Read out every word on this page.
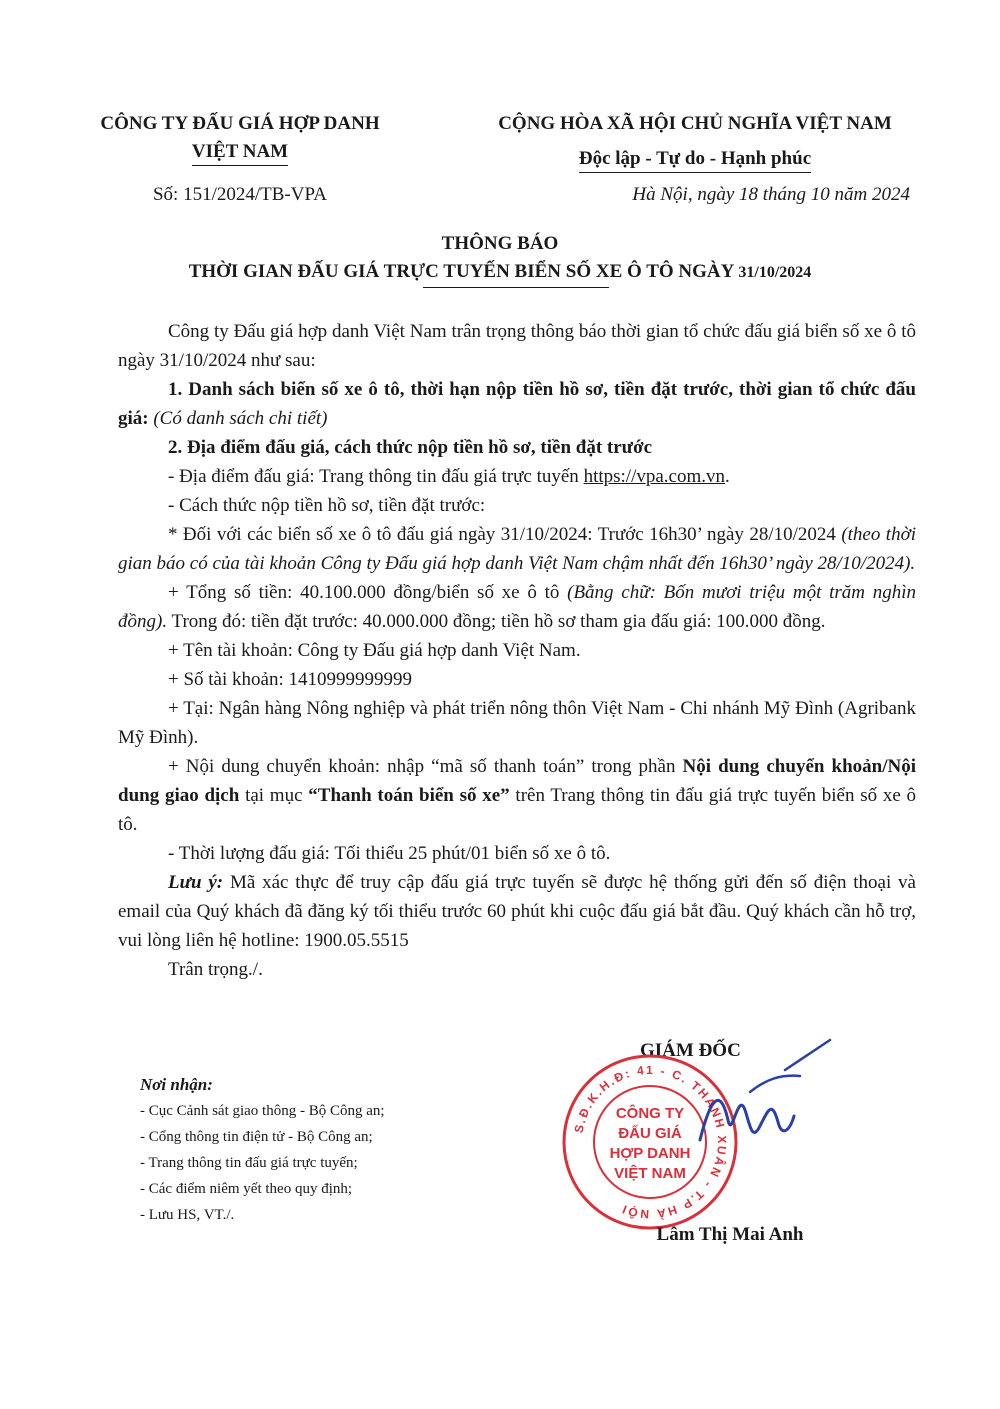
CÔNG TY ĐẤU GIÁ HỢP DANH
VIỆT NAM
CỘNG HÒA XÃ HỘI CHỦ NGHĨA VIỆT NAM
Độc lập - Tự do - Hạnh phúc
Số: 151/2024/TB-VPA	Hà Nội, ngày 18 tháng 10 năm 2024
THÔNG BÁO
THỜI GIAN ĐẤU GIÁ TRỰC TUYẾN BIỂN SỐ XE Ô TÔ NGÀY 31/10/2024

Công ty Đấu giá hợp danh Việt Nam trân trọng thông báo thời gian tổ chức đấu giá biển số xe ô tô ngày 31/10/2024 như sau:

1. Danh sách biển số xe ô tô, thời hạn nộp tiền hồ sơ, tiền đặt trước, thời gian tổ chức đấu giá: (Có danh sách chi tiết)

2. Địa điểm đấu giá, cách thức nộp tiền hồ sơ, tiền đặt trước

- Địa điểm đấu giá: Trang thông tin đấu giá trực tuyến https://vpa.com.vn.

- Cách thức nộp tiền hồ sơ, tiền đặt trước:

* Đối với các biển số xe ô tô đấu giá ngày 31/10/2024: Trước 16h30’ ngày 28/10/2024 (theo thời gian báo có của tài khoản Công ty Đấu giá hợp danh Việt Nam chậm nhất đến 16h30’ ngày 28/10/2024).

+ Tổng số tiền: 40.100.000 đồng/biển số xe ô tô (Bằng chữ: Bốn mươi triệu một trăm nghìn đồng). Trong đó: tiền đặt trước: 40.000.000 đồng; tiền hồ sơ tham gia đấu giá: 100.000 đồng.

+ Tên tài khoản: Công ty Đấu giá hợp danh Việt Nam.

+ Số tài khoản: 1410999999999

+ Tại: Ngân hàng Nông nghiệp và phát triển nông thôn Việt Nam - Chi nhánh Mỹ Đình (Agribank Mỹ Đình).

+ Nội dung chuyển khoản: nhập “mã số thanh toán” trong phần Nội dung chuyển khoản/Nội dung giao dịch tại mục “Thanh toán biển số xe” trên Trang thông tin đấu giá trực tuyến biển số xe ô tô.

- Thời lượng đấu giá: Tối thiểu 25 phút/01 biển số xe ô tô.

Lưu ý: Mã xác thực để truy cập đấu giá trực tuyến sẽ được hệ thống gửi đến số điện thoại và email của Quý khách đã đăng ký tối thiểu trước 60 phút khi cuộc đấu giá bắt đầu. Quý khách cần hỗ trợ, vui lòng liên hệ hotline: 1900.05.5515

Trân trọng./.

Nơi nhận:
- Cục Cảnh sát giao thông - Bộ Công an;
- Cổng thông tin điện tử - Bộ Công an;
- Trang thông tin đấu giá trực tuyến;
- Các điểm niêm yết theo quy định;
- Lưu HS, VT./.
GIÁM ĐỐC
S.Đ.K.H.Đ: 41 - C. THANH XUÂN - T.P HÀ NỘI
CÔNG TY
ĐẤU GIÁ
HỢP DANH
VIỆT NAM
Lâm Thị Mai Anh
